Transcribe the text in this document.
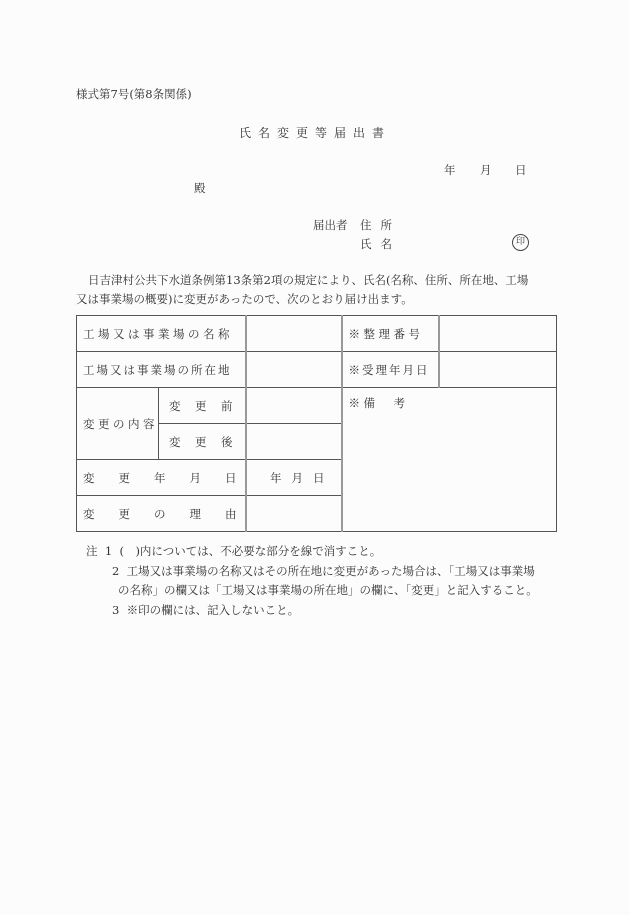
様式第7号(第8条関係)
氏名変更等届出書
年 月 日
殿
届出者 住所
氏名	印
日吉津村公共下水道条例第13条第2項の規定により、氏名(名称、住所、所在地、工場
又は事業場の概要)に変更があったので、次のとおり届け出ます。
工場又は事業場の名称			※整理番号	
工場又は事業場の所在地			※受理年月日	
変更の内容	変 更 前		※備　考	

	変 更 後			

変 更 年 月 日		年月日		

変 更 の 理 由				

注 1 (　)内については、不必要な部分を線で消すこと。
2 工場又は事業場の名称又はその所在地に変更があった場合は、「工場又は事業場
の名称」の欄又は「工場又は事業場の所在地」の欄に、「変更」と記入すること。
3 ※印の欄には、記入しないこと。
